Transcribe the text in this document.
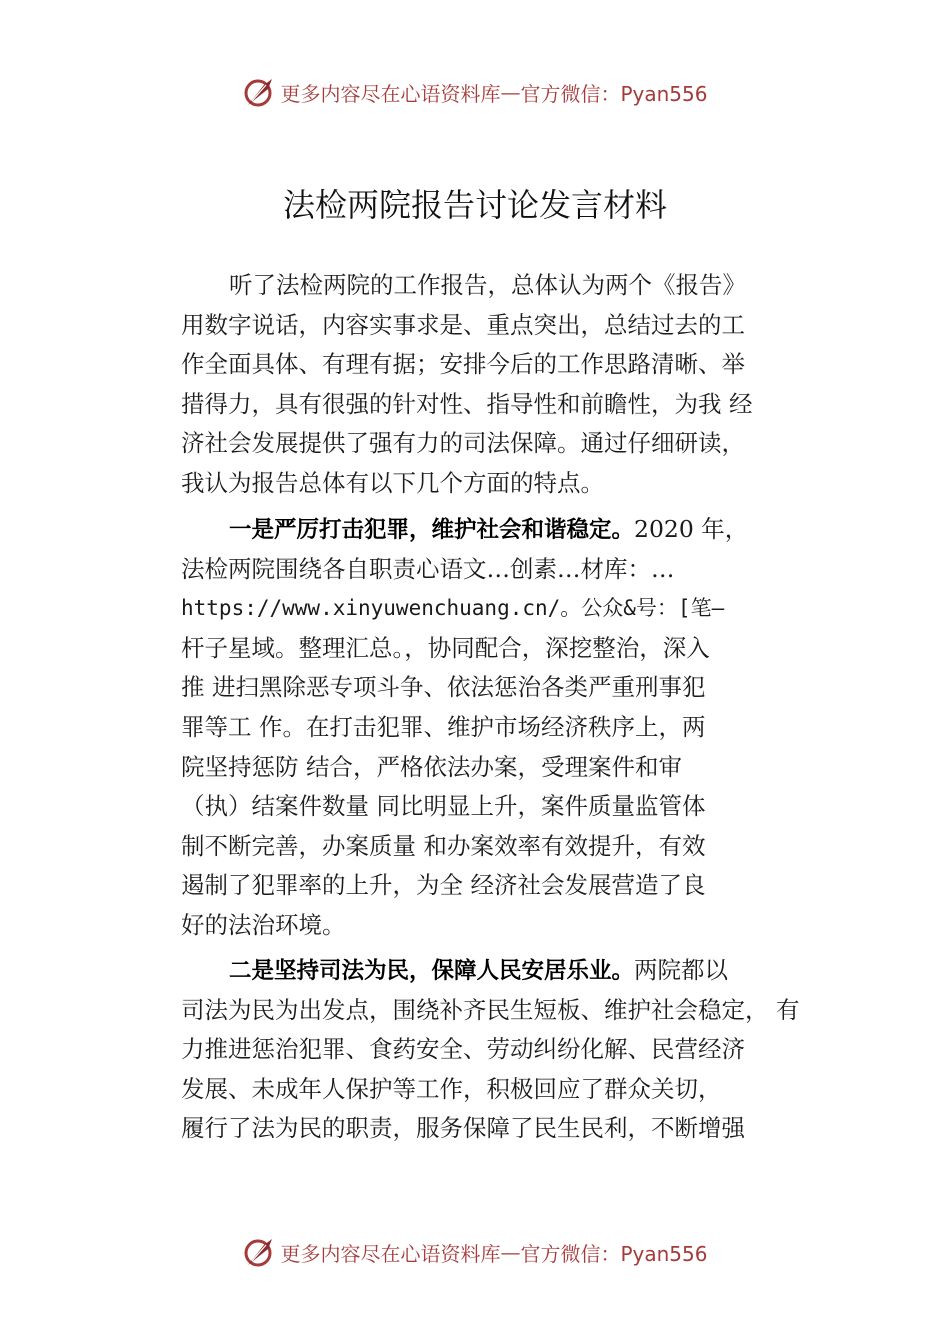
更多内容尽在心语资料库 — 官方微信：Pyan556
法检两院报告讨论发言材料
听了法检两院的工作报告，总体认为两个《报告》
用数字说话，内容实事求是、重点突出，总结过去的工
作全面具体、有理有据；安排今后的工作思路清晰、举
措得力，具有很强的针对性、指导性和前瞻性，为我 经
济社会发展提供了强有力的司法保障。通过仔细研读，
我认为报告总体有以下几个方面的特点。
一是严厉打击犯罪，维护社会和谐稳定。2020 年，
法检两院围绕各自职责心语文…创素…材库：…
https://www.xinyuwenchuang.cn/。公众&号：[笔—
杆子星域。整理汇总。，协同配合，深挖整治，深入
推 进扫黑除恶专项斗争、依法惩治各类严重刑事犯
罪等工 作。在打击犯罪、维护市场经济秩序上，两
院坚持惩防 结合，严格依法办案，受理案件和审
（执）结案件数量 同比明显上升，案件质量监管体
制不断完善，办案质量 和办案效率有效提升，有效
遏制了犯罪率的上升，为全 经济社会发展营造了良
好的法治环境。
二是坚持司法为民，保障人民安居乐业。两院都以
司法为民为出发点，围绕补齐民生短板、维护社会稳定， 有
力推进惩治犯罪、食药安全、劳动纠纷化解、民营经济
发展、未成年人保护等工作，积极回应了群众关切，
履行了法为民的职责，服务保障了民生民利，不断增强
更多内容尽在心语资料库 — 官方微信：Pyan556
